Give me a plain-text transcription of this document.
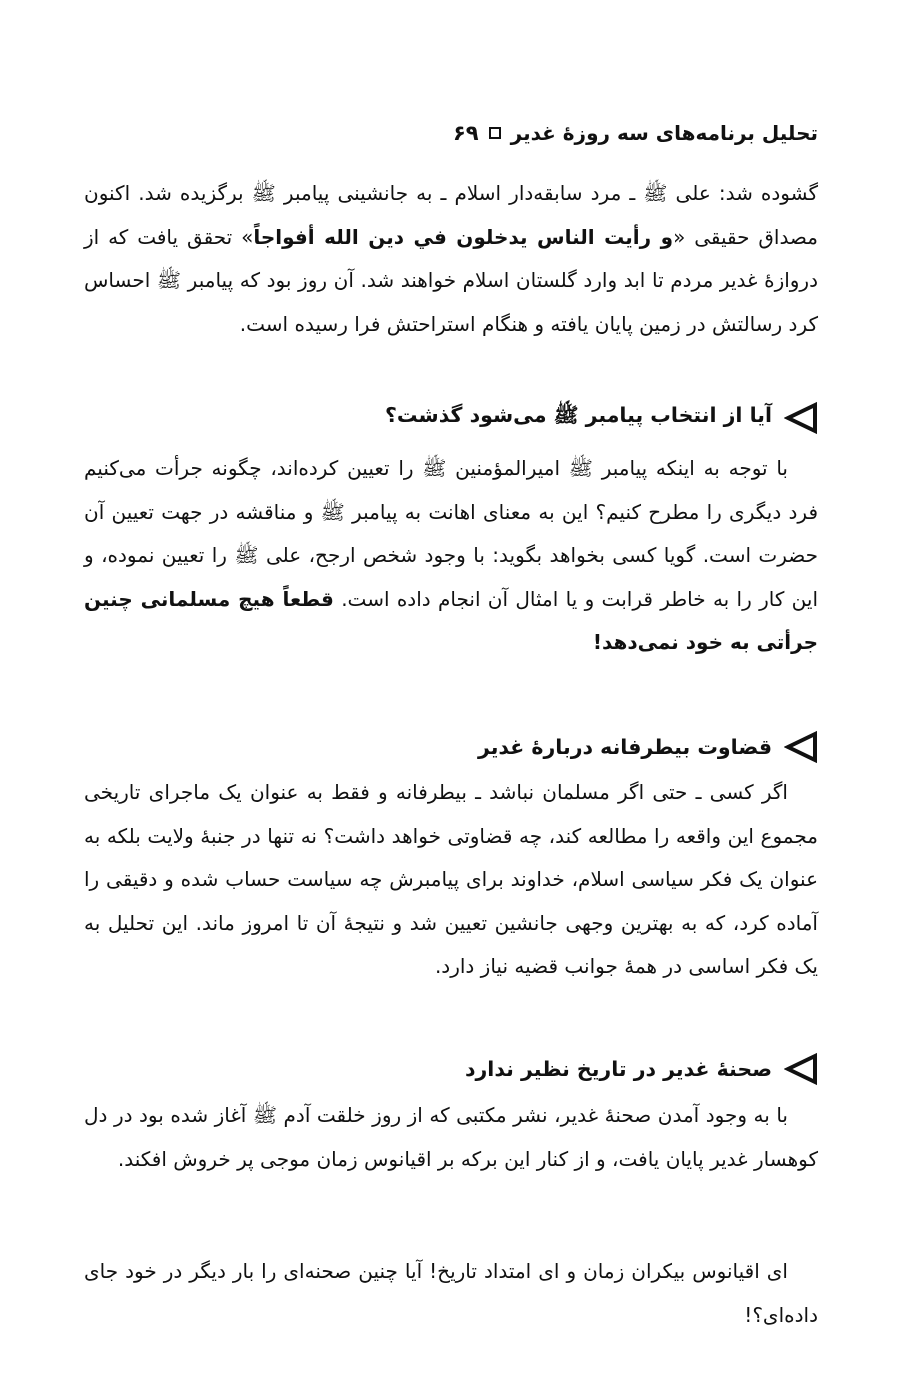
تحلیل برنامه‌های سه روزهٔ غدیر
۶۹

گشوده شد: علی ﷺ ـ مرد سابقه‌دار اسلام ـ به جانشینی پیامبر ﷺ برگزیده شد. اکنون مصداق حقیقی «و رأیت الناس یدخلون في دین الله أفواجاً» تحقق یافت که از دروازهٔ غدیر مردم تا ابد وارد گلستان اسلام خواهند شد. آن روز بود که پیامبر ﷺ احساس کرد رسالتش در زمین پایان یافته و هنگام استراحتش فرا رسیده است.

آیا از انتخاب پیامبر ﷺ می‌شود گذشت؟

با توجه به اینکه پیامبر ﷺ امیرالمؤمنین ﷺ را تعیین کرده‌اند، چگونه جرأت می‌کنیم فرد دیگری را مطرح کنیم؟ این به معنای اهانت به پیامبر ﷺ و مناقشه در جهت تعیین آن حضرت است. گویا کسی بخواهد بگوید: با وجود شخص ارجح، علی ﷺ را تعیین نموده، و این کار را به خاطر قرابت و یا امثال آن انجام داده است. قطعاً هیچ مسلمانی چنین جرأتی به خود نمی‌دهد!

قضاوت بیطرفانه دربارهٔ غدیر

اگر کسی ـ حتی اگر مسلمان نباشد ـ بیطرفانه و فقط به عنوان یک ماجرای تاریخی مجموع این واقعه را مطالعه کند، چه قضاوتی خواهد داشت؟ نه تنها در جنبهٔ ولایت بلکه به عنوان یک فکر سیاسی اسلام، خداوند برای پیامبرش چه سیاست حساب شده و دقیقی را آماده کرد، که به بهترین وجهی جانشین تعیین شد و نتیجهٔ آن تا امروز ماند. این تحلیل به یک فکر اساسی در همهٔ جوانب قضیه نیاز دارد.

صحنهٔ غدیر در تاریخ نظیر ندارد

با به وجود آمدن صحنهٔ غدیر، نشر مکتبی که از روز خلقت آدم ﷺ آغاز شده بود در دل کوهسار غدیر پایان یافت، و از کنار این برکه بر اقیانوس زمان موجی پر خروش افکند.

ای اقیانوس بیکران زمان و ای امتداد تاریخ! آیا چنین صحنه‌ای را بار دیگر در خود جای داده‌ای؟!
